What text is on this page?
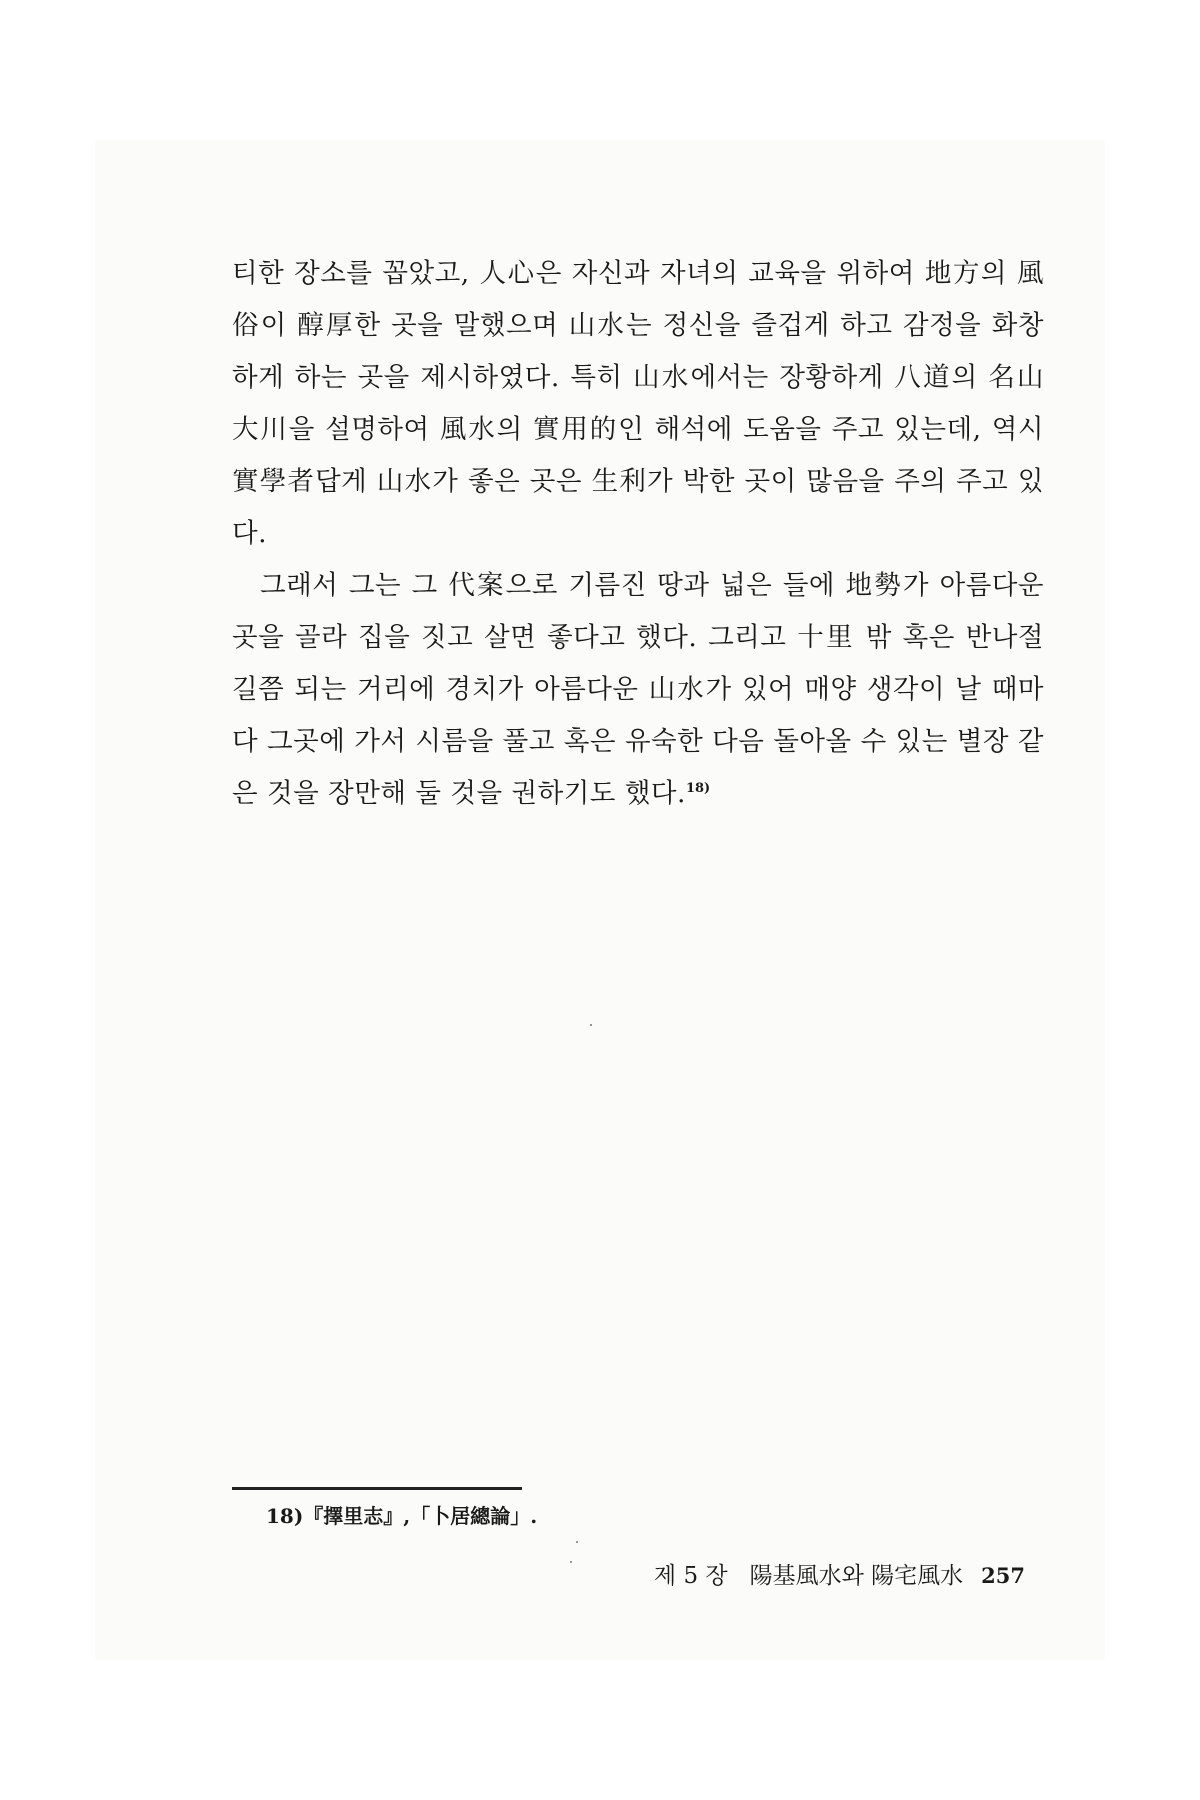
티한 장소를 꼽았고, 人心은 자신과 자녀의 교육을 위하여 地方의 風俗이 醇厚한 곳을 말했으며 山水는 정신을 즐겁게 하고 감정을 화창하게 하는 곳을 제시하였다. 특히 山水에서는 장황하게 八道의 名山大川을 설명하여 風水의 實用的인 해석에 도움을 주고 있는데, 역시 實學者답게 山水가 좋은 곳은 生利가 박한 곳이 많음을 주의 주고 있다.

그래서 그는 그 代案으로 기름진 땅과 넓은 들에 地勢가 아름다운 곳을 골라 집을 짓고 살면 좋다고 했다. 그리고 十里 밖 혹은 반나절 길쯤 되는 거리에 경치가 아름다운 山水가 있어 매양 생각이 날 때마다 그곳에 가서 시름을 풀고 혹은 유숙한 다음 돌아올 수 있는 별장 같은 것을 장만해 둘 것을 권하기도 했다.$^{18)}$

18)『擇里志』,「卜居總論」.
제 5 장 陽基風水와 陽宅風水 257
